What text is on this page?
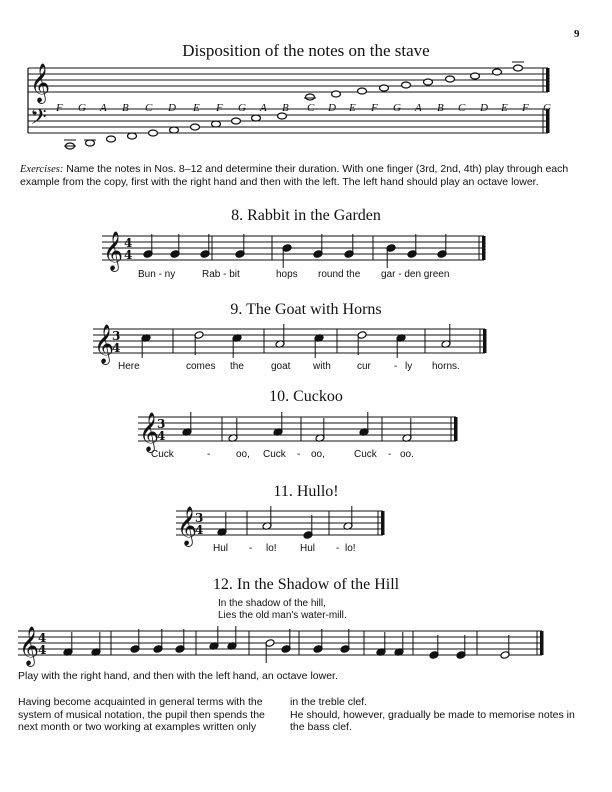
9
Disposition of the notes on the stave
𝄞
𝄢 F G A B C D E F G A B C D E F G A B C D E F G
Exercises: Name the notes in Nos. 8–12 and determine their duration. With one finger (3rd, 2nd, 4th) play through each example from the copy, first with the right hand and then with the left. The left hand should play an octave lower.
8. Rabbit in the Garden
𝄞 4
4
Bun - ny	Rab - bit	hops round the gar - den green
9. The Goat with Horns
𝄞
3
4
Here	comes the	goat with	cur - ly horns.
10. Cuckoo
𝄞
3
4
Cuck	-	oo, Cuck - oo,	Cuck - oo.
11. Hullo!
𝄞
3
4
Hul - lo! Hul - lo!
12. In the Shadow of the Hill
In the shadow of the hill,
Lies the old man's water-mill.
𝄞
4
4
Play with the right hand, and then with the left hand, an octave lower.
Having become acquainted in general terms with the system of musical notation, the pupil then spends the next month or two working at examples written only
in the treble clef.
He should, however, gradually be made to memorise notes in the bass clef.
